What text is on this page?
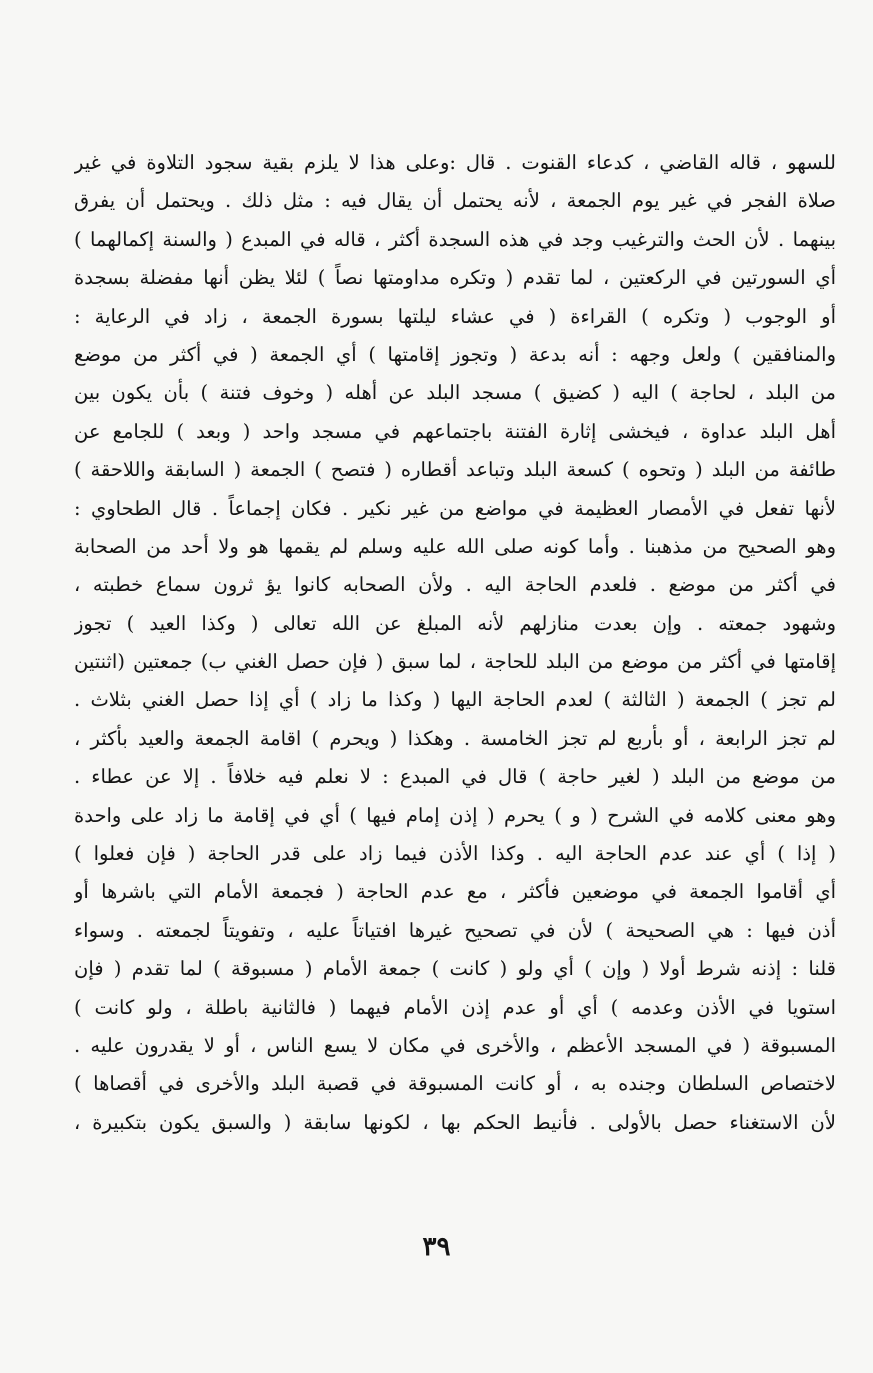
للسهو ، قاله القاضي ، كدعاء القنوت . قال :وعلى هذا لا يلزم بقية سجود التلاوة في غير
صلاة الفجر في غير يوم الجمعة ، لأنه يحتمل أن يقال فيه : مثل ذلك . ويحتمل أن يفرق
بينهما . لأن الحث والترغيب وجد في هذه السجدة أكثر ، قاله في المبدع ( والسنة إكمالهما )
أي السورتين في الركعتين ، لما تقدم ( وتكره مداومتها نصاً ) لئلا يظن أنها مفضلة بسجدة
أو الوجوب ( وتكره ) القراءة ( في عشاء ليلتها بسورة الجمعة ، زاد في الرعاية :
والمنافقين ) ولعل وجهه : أنه بدعة ( وتجوز إقامتها ) أي الجمعة ( في أكثر من موضع
من البلد ، لحاجة ) اليه ( كضيق ) مسجد البلد عن أهله ( وخوف فتنة ) بأن يكون بين
أهل البلد عداوة ، فيخشى إثارة الفتنة باجتماعهم في مسجد واحد ( وبعد ) للجامع عن
طائفة من البلد ( وتحوه ) كسعة البلد وتباعد أقطاره ( فتصح ) الجمعة ( السابقة واللاحقة )
لأنها تفعل في الأمصار العظيمة في مواضع من غير نكير . فكان إجماعاً . قال الطحاوي :
وهو الصحيح من مذهبنا . وأما كونه صلى الله عليه وسلم لم يقمها هو ولا أحد من الصحابة
في أكثر من موضع . فلعدم الحاجة اليه . ولأن الصحابه كانوا يؤ ثرون سماع خطبته ،
وشهود جمعته . وإن بعدت منازلهم لأنه المبلغ عن الله تعالى ( وكذا العيد ) تجوز
إقامتها في أكثر من موضع من البلد للحاجة ، لما سبق ( فإن حصل الغني ب) جمعتين (اثنتين
لم تجز ) الجمعة ( الثالثة ) لعدم الحاجة اليها ( وكذا ما زاد ) أي إذا حصل الغني بثلاث .
لم تجز الرابعة ، أو بأربع لم تجز الخامسة . وهكذا ( ويحرم ) اقامة الجمعة والعيد بأكثر ،
من موضع من البلد ( لغير حاجة ) قال في المبدع : لا نعلم فيه خلافاً . إلا عن عطاء .
وهو معنى كلامه في الشرح ( و ) يحرم ( إذن إمام فيها ) أي في إقامة ما زاد على واحدة
( إذا ) أي عند عدم الحاجة اليه . وكذا الأذن فيما زاد على قدر الحاجة ( فإن فعلوا )
أي أقاموا الجمعة في موضعين فأكثر ، مع عدم الحاجة ( فجمعة الأمام التي باشرها أو
أذن فيها : هي الصحيحة ) لأن في تصحيح غيرها افتياتاً عليه ، وتفويتاً لجمعته . وسواء
قلنا : إذنه شرط أولا ( وإن ) أي ولو ( كانت ) جمعة الأمام ( مسبوقة ) لما تقدم ( فإن
استويا في الأذن وعدمه ) أي أو عدم إذن الأمام فيهما ( فالثانية باطلة ، ولو كانت )
المسبوقة ( في المسجد الأعظم ، والأخرى في مكان لا يسع الناس ، أو لا يقدرون عليه .
لاختصاص السلطان وجنده به ، أو كانت المسبوقة في قصبة البلد والأخرى في أقصاها )
لأن الاستغناء حصل بالأولى . فأنيط الحكم بها ، لكونها سابقة ( والسبق يكون بتكبيرة ،
٣٩
